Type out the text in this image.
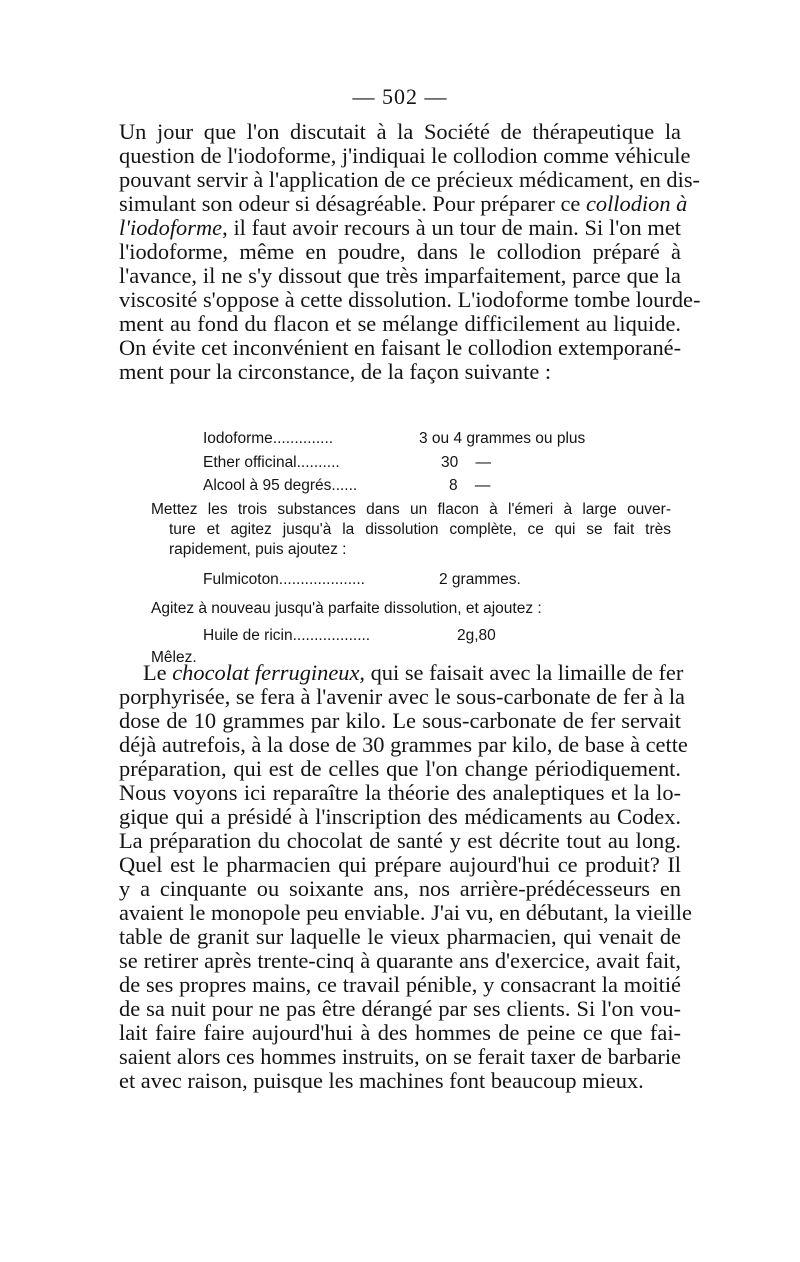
— 502 —
Un jour que l'on discutait à la Société de thérapeutique la
question de l'iodoforme, j'indiquai le collodion comme véhicule
pouvant servir à l'application de ce précieux médicament, en dis-
simulant son odeur si désagréable. Pour préparer ce collodion à
l'iodoforme, il faut avoir recours à un tour de main. Si l'on met
l'iodoforme, même en poudre, dans le collodion préparé à
l'avance, il ne s'y dissout que très imparfaitement, parce que la
viscosité s'oppose à cette dissolution. L'iodoforme tombe lourde-
ment au fond du flacon et se mélange difficilement au liquide.
On évite cet inconvénient en faisant le collodion extemporané-
ment pour la circonstance, de la façon suivante :
Iodoforme..............	3 ou 4 grammes ou plus
Ether officinal..........	30    —
Alcool à 95 degrés......	8    —
Mettez les trois substances dans un flacon à l'émeri à large ouver-
ture et agitez jusqu'à la dissolution complète, ce qui se fait très
rapidement, puis ajoutez :
Fulmicoton....................	2 grammes.
Agitez à nouveau jusqu'à parfaite dissolution, et ajoutez :
Huile de ricin..................	2g,80
Mêlez.
Le chocolat ferrugineux, qui se faisait avec la limaille de fer
porphyrisée, se fera à l'avenir avec le sous-carbonate de fer à la
dose de 10 grammes par kilo. Le sous-carbonate de fer servait
déjà autrefois, à la dose de 30 grammes par kilo, de base à cette
préparation, qui est de celles que l'on change périodiquement.
Nous voyons ici reparaître la théorie des analeptiques et la lo-
gique qui a présidé à l'inscription des médicaments au Codex.
La préparation du chocolat de santé y est décrite tout au long.
Quel est le pharmacien qui prépare aujourd'hui ce produit? Il
y a cinquante ou soixante ans, nos arrière-prédécesseurs en
avaient le monopole peu enviable. J'ai vu, en débutant, la vieille
table de granit sur laquelle le vieux pharmacien, qui venait de
se retirer après trente-cinq à quarante ans d'exercice, avait fait,
de ses propres mains, ce travail pénible, y consacrant la moitié
de sa nuit pour ne pas être dérangé par ses clients. Si l'on vou-
lait faire faire aujourd'hui à des hommes de peine ce que fai-
saient alors ces hommes instruits, on se ferait taxer de barbarie
et avec raison, puisque les machines font beaucoup mieux.
